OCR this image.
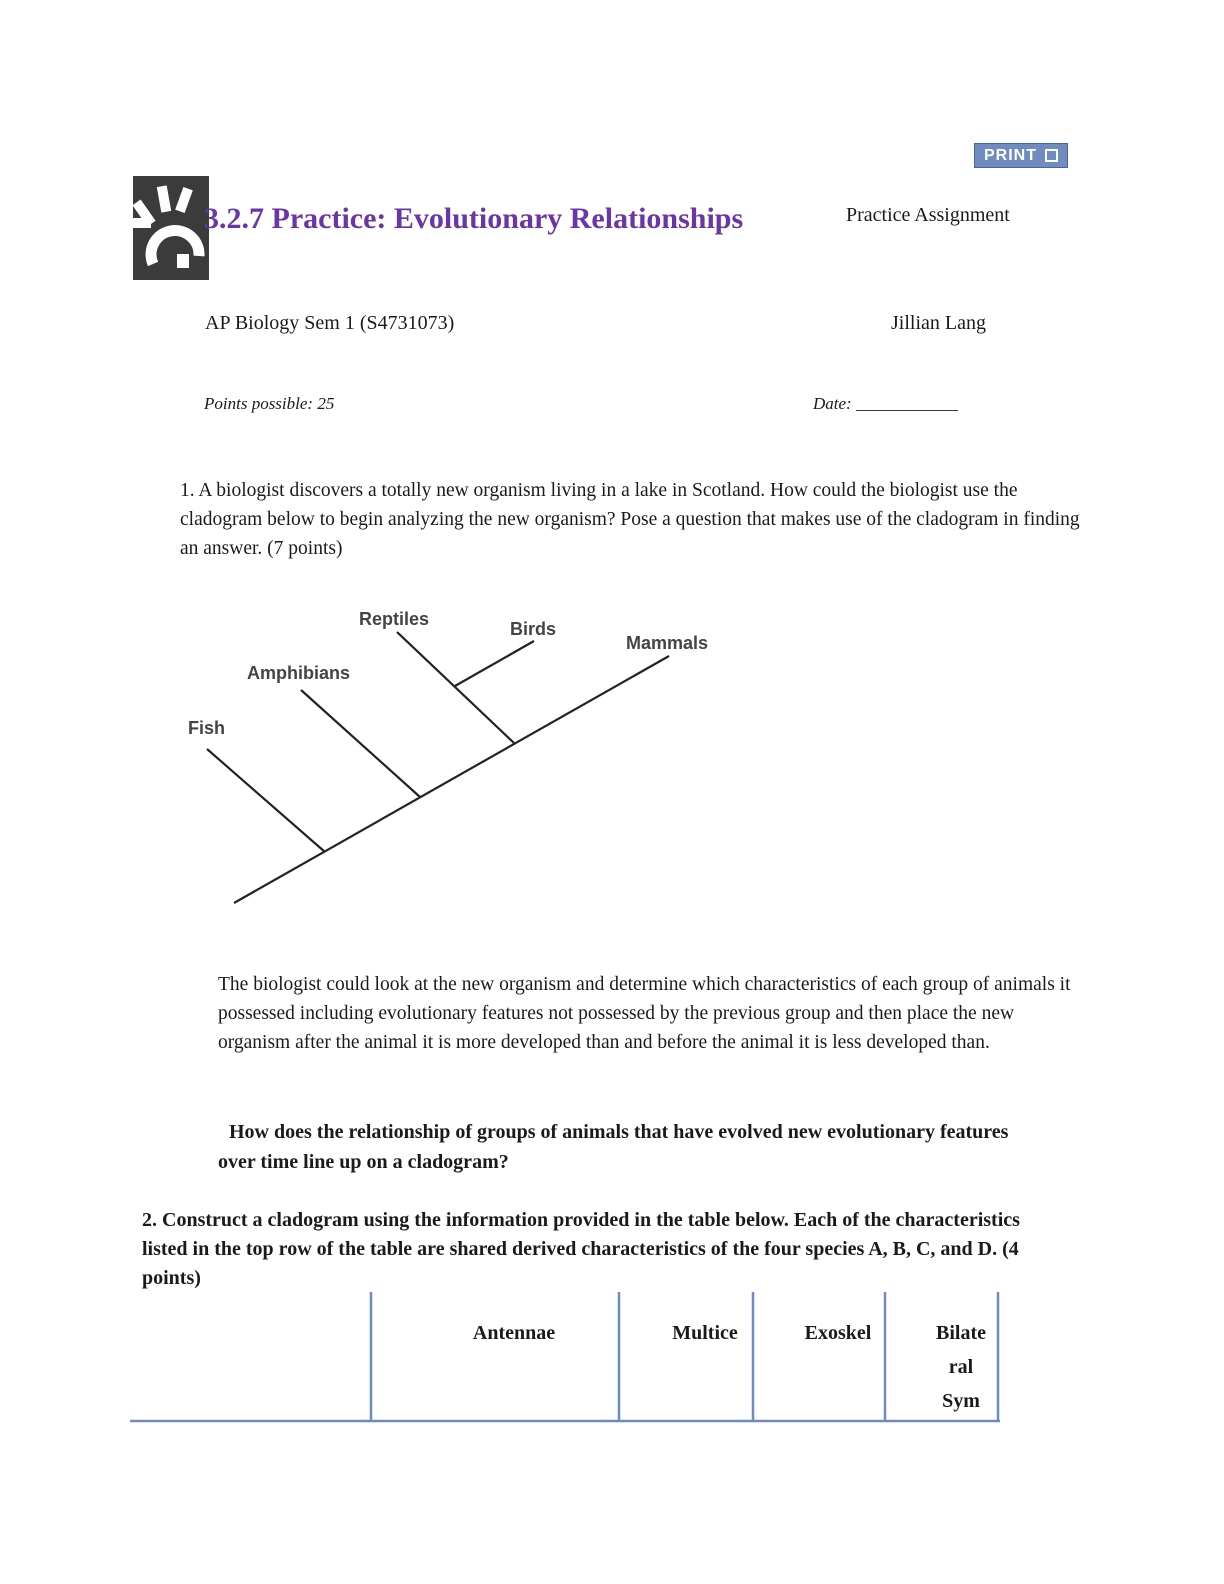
PRINT
3.2.7 Practice: Evolutionary Relationships	Practice Assignment
AP Biology Sem 1 (S4731073)	Jillian Lang
Points possible: 25	Date: ____________
1. A biologist discovers a totally new organism living in a lake in Scotland. How could the biologist use the cladogram below to begin analyzing the new organism? Pose a question that makes use of the cladogram in finding an answer. (7 points)
Fish
Amphibians
Reptiles	Birds
Mammals
The biologist could look at the new organism and determine which characteristics of each group of animals it possessed including evolutionary features not possessed by the previous group and then place the new organism after the animal it is more developed than and before the animal it is less developed than.
How does the relationship of groups of animals that have evolved new evolutionary features over time line up on a cladogram?
2. Construct a cladogram using the information provided in the table below. Each of the characteristics listed in the top row of the table are shared derived characteristics of the four species A, B, C, and D. (4 points)
Antennae	Multice	Exoskel	Bilate
ral
Sym
